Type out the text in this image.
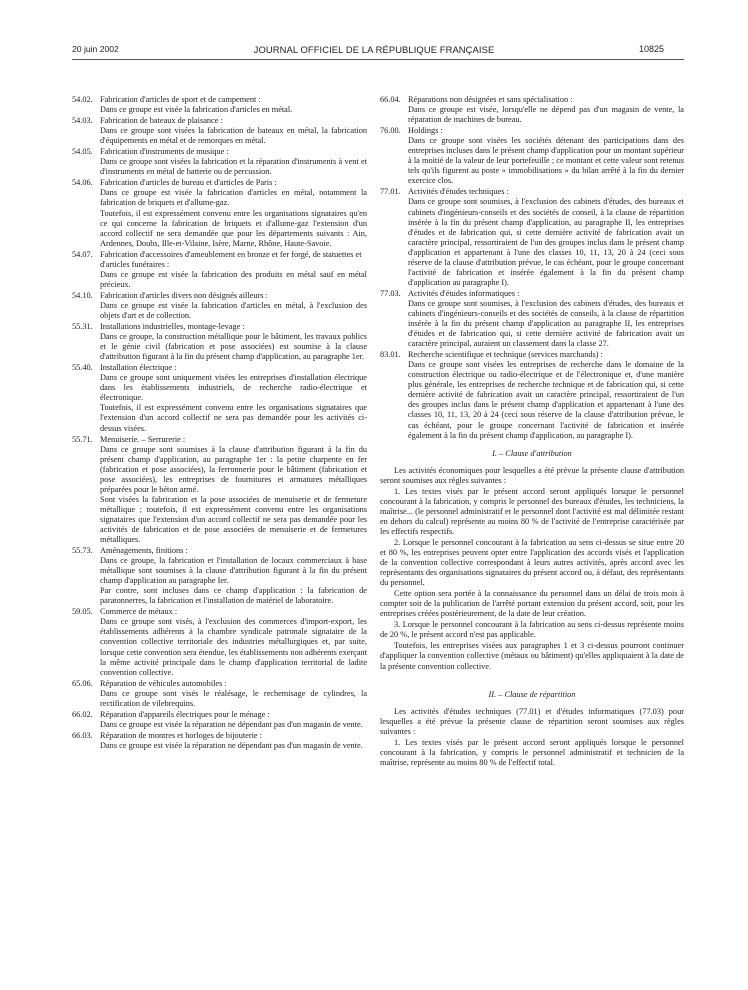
20 juin 2002	JOURNAL OFFICIEL DE LA RÉPUBLIQUE FRANÇAISE	10825
54.02. Fabrication d'articles de sport et de campement :

Dans ce groupe est visée la fabrication d'articles en métal.

54.03. Fabrication de bateaux de plaisance :

Dans ce groupe sont visées la fabrication de bateaux en métal, la fabrication d'équipements en métal et de remorques en métal.

54.05. Fabrication d'instruments de musique :

Dans ce groupe sont visées la fabrication et la réparation d'instruments à vent et d'instruments en métal de batterie ou de percussion.

54.06. Fabrication d'articles de bureau et d'articles de Paris :

Dans ce groupe est visée la fabrication d'articles en métal, notamment la fabrication de briquets et d'allume-gaz.

Toutefois, il est expressément convenu entre les organisations signataires qu'en ce qui concerne la fabrication de briquets et d'allume-gaz l'extension d'un accord collectif ne sera demandée que pour les départements suivants : Ain, Ardennes, Doubs, Ille-et-Vilaine, Isère, Marne, Rhône, Haute-Savoie.

54.07. Fabrication d'accessoires d'ameublement en bronze et fer forgé, de statuettes et d'articles funéraires :

Dans ce groupe est visée la fabrication des produits en métal sauf en métal précieux.

54.10. Fabrication d'articles divers non désignés ailleurs :

Dans ce groupe est visée la fabrication d'articles en métal, à l'exclusion des objets d'art et de collection.

55.31. Installations industrielles, montage-levage :

Dans ce groupe, la construction métallique pour le bâtiment, les travaux publics et le génie civil (fabrication et pose associées) est soumise à la clause d'attribution figurant à la fin du présent champ d'application, au paragraphe 1er.

55.40. Installation électrique :

Dans ce groupe sont uniquement visées les entreprises d'installation électrique dans les établissements industriels, de recherche radio-électrique et électronique.

Toutefois, il est expressément convenu entre les organisations signataires que l'extension d'un accord collectif ne sera pas demandée pour les activités ci-dessus visées.

55.71. Menuiserie. – Serrurerie :

Dans ce groupe sont soumises à la clause d'attribution figurant à la fin du présent champ d'application, au paragraphe 1er : la petite charpente en fer (fabrication et pose associées), la ferronnerie pour le bâtiment (fabrication et pose associées), les entreprises de fournitures et armatures métalliques préparées pour le béton armé.

Sont visées la fabrication et la pose associées de menuiserie et de fermeture métallique ; toutefois, il est expressément convenu entre les organisations signataires que l'extension d'un accord collectif ne sera pas demandée pour les activités de fabrication et de pose associées de menuiserie et de fermetures métalliques.

55.73. Aménagements, finitions :

Dans ce groupe, la fabrication et l'installation de locaux commerciaux à base métallique sont soumises à la clause d'attribution figurant à la fin du présent champ d'application au paragraphe Ier.

Par contre, sont incluses dans ce champ d'application : la fabrication de paratonnerres, la fabrication et l'installation de matériel de laboratoire.

59.05. Commerce de métaux :

Dans ce groupe sont visés, à l'exclusion des commerces d'import-export, les établissements adhérents à la chambre syndicale patronale signataire de la convention collective territoriale des industries métallurgiques et, par suite, lorsque cette convention sera étendue, les établissements non adhérents exerçant la même activité principale dans le champ d'application territorial de ladite convention collective.

65.06. Réparation de véhicules automobiles :

Dans ce groupe sont visés le réalésage, le rechemisage de cylindres, la rectification de vilebrequins.

66.02. Réparation d'appareils électriques pour le ménage :

Dans ce groupe est visée la réparation ne dépendant pas d'un magasin de vente.

66.03. Réparation de montres et horloges de bijouterie :

Dans ce groupe est visée la réparation ne dépendant pas d'un magasin de vente.

66.04. Réparations non désignées et sans spécialisation :

Dans ce groupe est visée, lorsqu'elle ne dépend pas d'un magasin de vente, la réparation de machines de bureau.

76.00. Holdings :

Dans ce groupe sont visées les sociétés détenant des participations dans des entreprises incluses dans le présent champ d'application pour un montant supérieur à la moitié de la valeur de leur portefeuille ; ce montant et cette valeur sont retenus tels qu'ils figurent au poste « immobilisations » du bilan arrêté à la fin du dernier exercice clos.

77.01. Activités d'études techniques :

Dans ce groupe sont soumises, à l'exclusion des cabinets d'études, des bureaux et cabinets d'ingénieurs-conseils et des sociétés de conseil, à la clause de répartition insérée à la fin du présent champ d'application, au paragraphe II, les entreprises d'études et de fabrication qui, si cette dernière activité de fabrication avait un caractère principal, ressortiraient de l'un des groupes inclus dans le présent champ d'application et appartenant à l'une des classes 10, 11, 13, 20 à 24 (ceci sous réserve de la clause d'attribution prévue, le cas échéant, pour le groupe concernant l'activité de fabrication et insérée également à la fin du présent champ d'application au paragraphe I).

77.03. Activités d'études informatiques :

Dans ce groupe sont soumises, à l'exclusion des cabinets d'études, des bureaux et cabinets d'ingénieurs-conseils et des sociétés de conseils, à la clause de répartition insérée à la fin du présent champ d'application au paragraphe II, les entreprises d'études et de fabrication qui, si cette dernière activité de fabrication avait un caractère principal, auraient un classement dans la classe 27.

83.01. Recherche scientifique et technique (services marchands) :

Dans ce groupe sont visées les entreprises de recherche dans le domaine de la construction électrique ou radio-électrique et de l'électronique et, d'une manière plus générale, les entreprises de recherche technique et de fabrication qui, si cette dernière activité de fabrication avait un caractère principal, ressortiraient de l'un des groupes inclus dans le présent champ d'application et appartenant à l'une des classes 10, 11, 13, 20 à 24 (ceci sous réserve de la clause d'attribution prévue, le cas échéant, pour le groupe concernant l'activité de fabrication et insérée également à la fin du présent champ d'application, au paragraphe I).

I. – Clause d'attribution

Les activités économiques pour lesquelles a été prévue la présente clause d'attribution seront soumises aux règles suivantes :

1. Les textes visés par le présent accord seront appliqués lorsque le personnel concourant à la fabrication, y compris le personnel des bureaux d'études, les techniciens, la maîtrise... (le personnel administratif et le personnel dont l'activité est mal délimitée restant en dehors du calcul) représente au moins 80 % de l'activité de l'entreprise caractérisée par les effectifs respectifs.

2. Lorsque le personnel concourant à la fabrication au sens ci-dessus se situe entre 20 et 80 %, les entreprises peuvent opter entre l'application des accords visés et l'application de la convention collective correspondant à leurs autres activités, après accord avec les représentants des organisations signataires du présent accord ou, à défaut, des représentants du personnel.

Cette option sera portée à la connaissance du personnel dans un délai de trois mois à compter soit de la publication de l'arrêté portant extension du présent accord, soit, pour les entreprises créées postérieurement, de la date de leur création.

3. Lorsque le personnel concourant à la fabrication au sens ci-dessus représente moins de 20 %, le présent accord n'est pas applicable.

Toutefois, les entreprises visées aux paragraphes 1 et 3 ci-dessus pourront continuer d'appliquer la convention collective (métaux ou bâtiment) qu'elles appliquaient à la date de la présente convention collective.

II. – Clause de répartition

Les activités d'études techniques (77.01) et d'études informatiques (77.03) pour lesquelles a été prévue la présente clause de répartition seront soumises aux règles suivantes :

1. Les textes visés par le présent accord seront appliqués lorsque le personnel concourant à la fabrication, y compris le personnel administratif et technicien de la maîtrise, représente au moins 80 % de l'effectif total.
